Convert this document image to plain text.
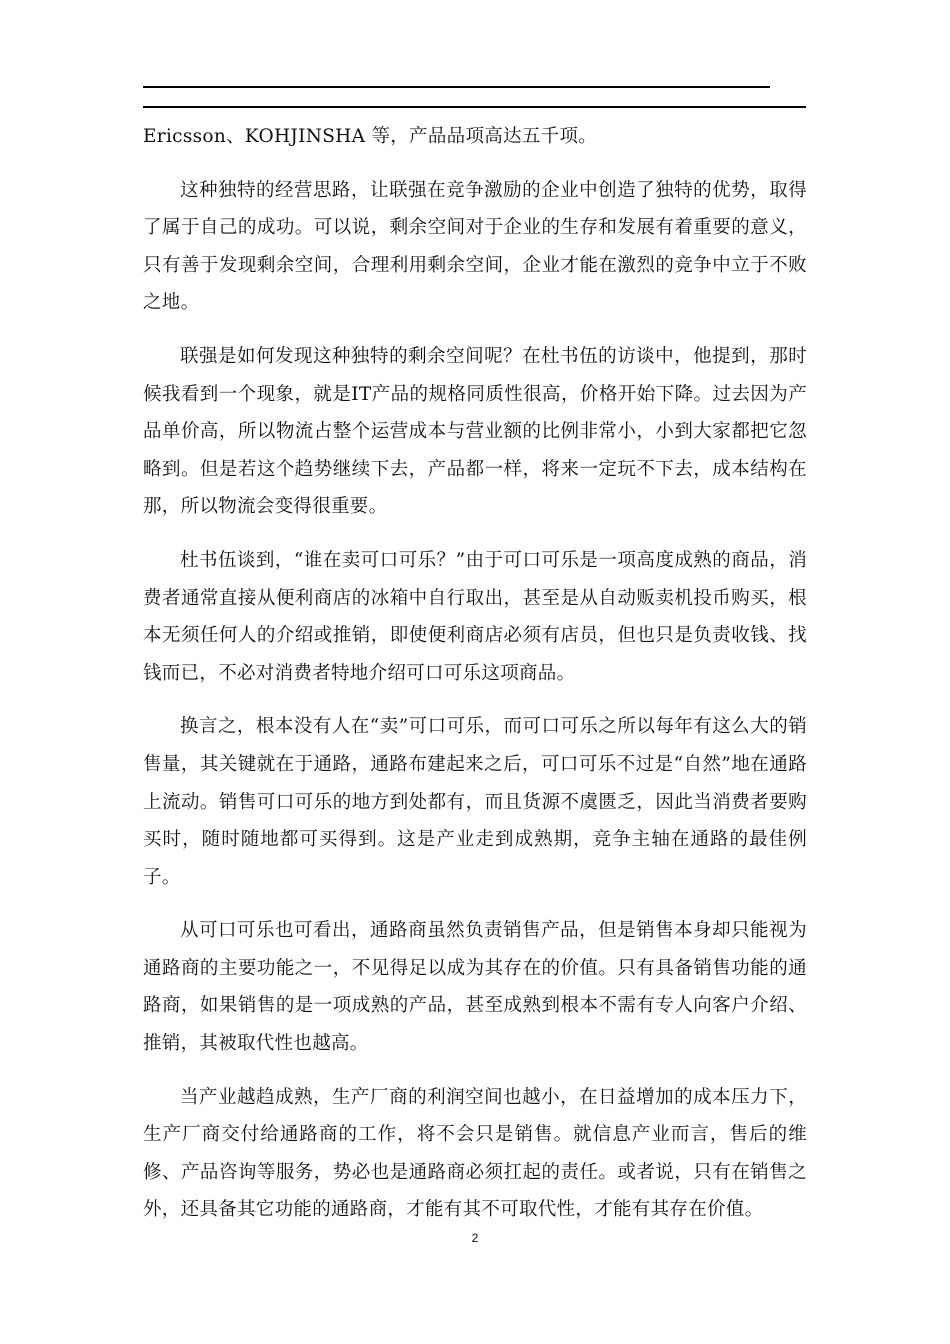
Ericsson、KOHJINSHA 等，产品品项高达五千项。

这种独特的经营思路，让联强在竞争激励的企业中创造了独特的优势，取得了属于自己的成功。可以说，剩余空间对于企业的生存和发展有着重要的意义，只有善于发现剩余空间，合理利用剩余空间，企业才能在激烈的竞争中立于不败之地。

联强是如何发现这种独特的剩余空间呢？在杜书伍的访谈中，他提到，那时候我看到一个现象，就是IT产品的规格同质性很高，价格开始下降。过去因为产品单价高，所以物流占整个运营成本与营业额的比例非常小，小到大家都把它忽略到。但是若这个趋势继续下去，产品都一样，将来一定玩不下去，成本结构在那，所以物流会变得很重要。

杜书伍谈到，“谁在卖可口可乐？”由于可口可乐是一项高度成熟的商品，消费者通常直接从便利商店的冰箱中自行取出，甚至是从自动贩卖机投币购买，根本无须任何人的介绍或推销，即使便利商店必须有店员，但也只是负责收钱、找钱而已，不必对消费者特地介绍可口可乐这项商品。

换言之，根本没有人在“卖”可口可乐，而可口可乐之所以每年有这么大的销售量，其关键就在于通路，通路布建起来之后，可口可乐不过是“自然”地在通路上流动。销售可口可乐的地方到处都有，而且货源不虞匮乏，因此当消费者要购买时，随时随地都可买得到。这是产业走到成熟期，竞争主轴在通路的最佳例子。

从可口可乐也可看出，通路商虽然负责销售产品，但是销售本身却只能视为通路商的主要功能之一，不见得足以成为其存在的价值。只有具备销售功能的通路商，如果销售的是一项成熟的产品，甚至成熟到根本不需有专人向客户介绍、推销，其被取代性也越高。

当产业越趋成熟，生产厂商的利润空间也越小，在日益增加的成本压力下，生产厂商交付给通路商的工作，将不会只是销售。就信息产业而言，售后的维修、产品咨询等服务，势必也是通路商必须扛起的责任。或者说，只有在销售之外，还具备其它功能的通路商，才能有其不可取代性，才能有其存在价值。

2
